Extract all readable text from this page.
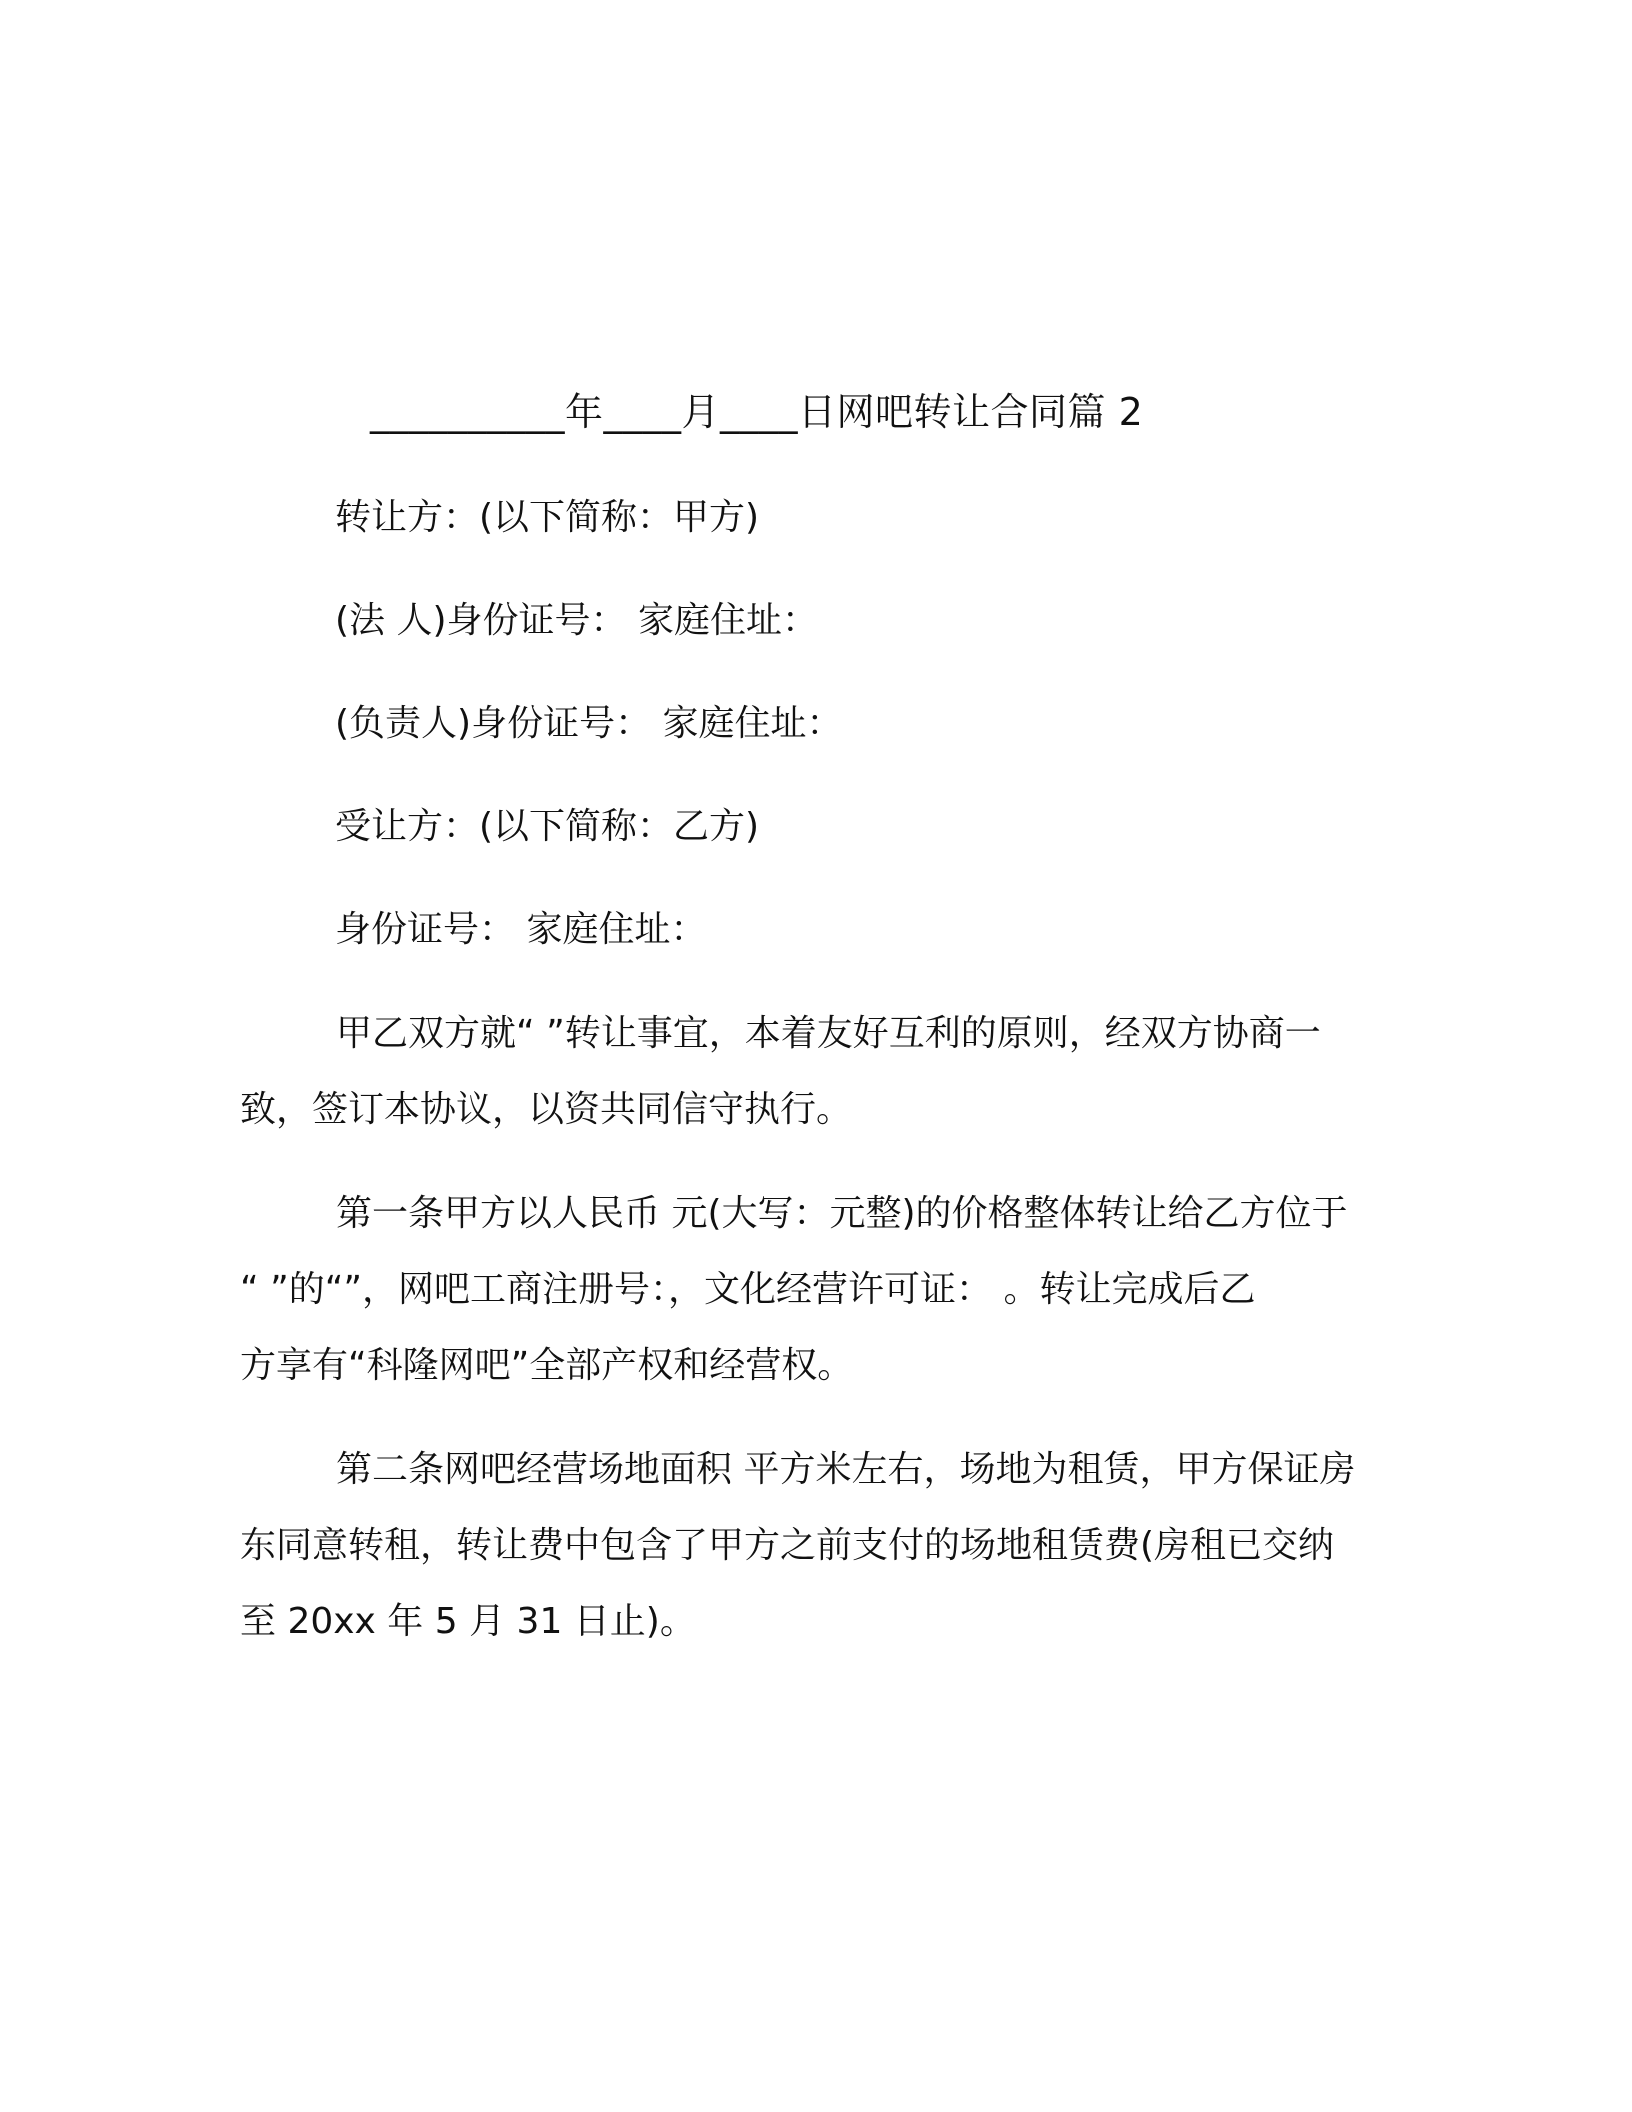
__________年____月____日网吧转让合同篇 2
转让方：(以下简称：甲方)
(法 人)身份证号： 家庭住址：
(负责人)身份证号： 家庭住址：
受让方：(以下简称：乙方)
身份证号： 家庭住址：
甲乙双方就“ ”转让事宜，本着友好互利的原则，经双方协商一
致，签订本协议，以资共同信守执行。
第一条甲方以人民币 元(大写：元整)的价格整体转让给乙方位于
“ ”的“”，网吧工商注册号：，文化经营许可证： 。转让完成后乙
方享有“科隆网吧”全部产权和经营权。
第二条网吧经营场地面积 平方米左右，场地为租赁，甲方保证房
东同意转租，转让费中包含了甲方之前支付的场地租赁费(房租已交纳
至 20xx 年 5 月 31 日止)。
